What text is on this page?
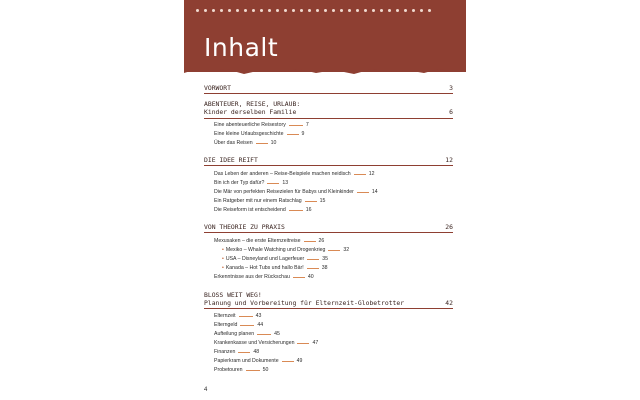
Inhalt
VORWORT	3
ABENTEUER, REISE, URLAUB:
Kinder derselben Familie	6
Eine abenteuerliche Reisestory	7
Eine kleine Urlaubsgeschichte	9
Über das Reisen	10
DIE IDEE REIFT	12
Das Leben der anderen – Reise-Beispiele machen neidisch	12
Bin ich der Typ dafür?	13
Die Mär von perfekten Reisezielen für Babys und Kleinkinder	14
Ein Ratgeber mit nur einem Ratschlag	15
Die Reiseform ist entscheidend	16
VON THEORIE ZU PRAXIS	26
Mexusaken – die erste Elternzeitreise	26
• Mexiko – Whale Watching und Drogenkrieg	32
• USA – Disneyland und Lagerfeuer	35
• Kanada – Hot Tubs und hallo Bär!	38
Erkenntnisse aus der Rückschau	40
BLOSS WEIT WEG!
Planung und Vorbereitung für Elternzeit-Globetrotter	42
Elternzeit	43
Elterngeld	44
Aufteilung planen	45
Krankenkasse und Versicherungen	47
Finanzen	48
Papierkram und Dokumente	49
Probetouren	50
4
